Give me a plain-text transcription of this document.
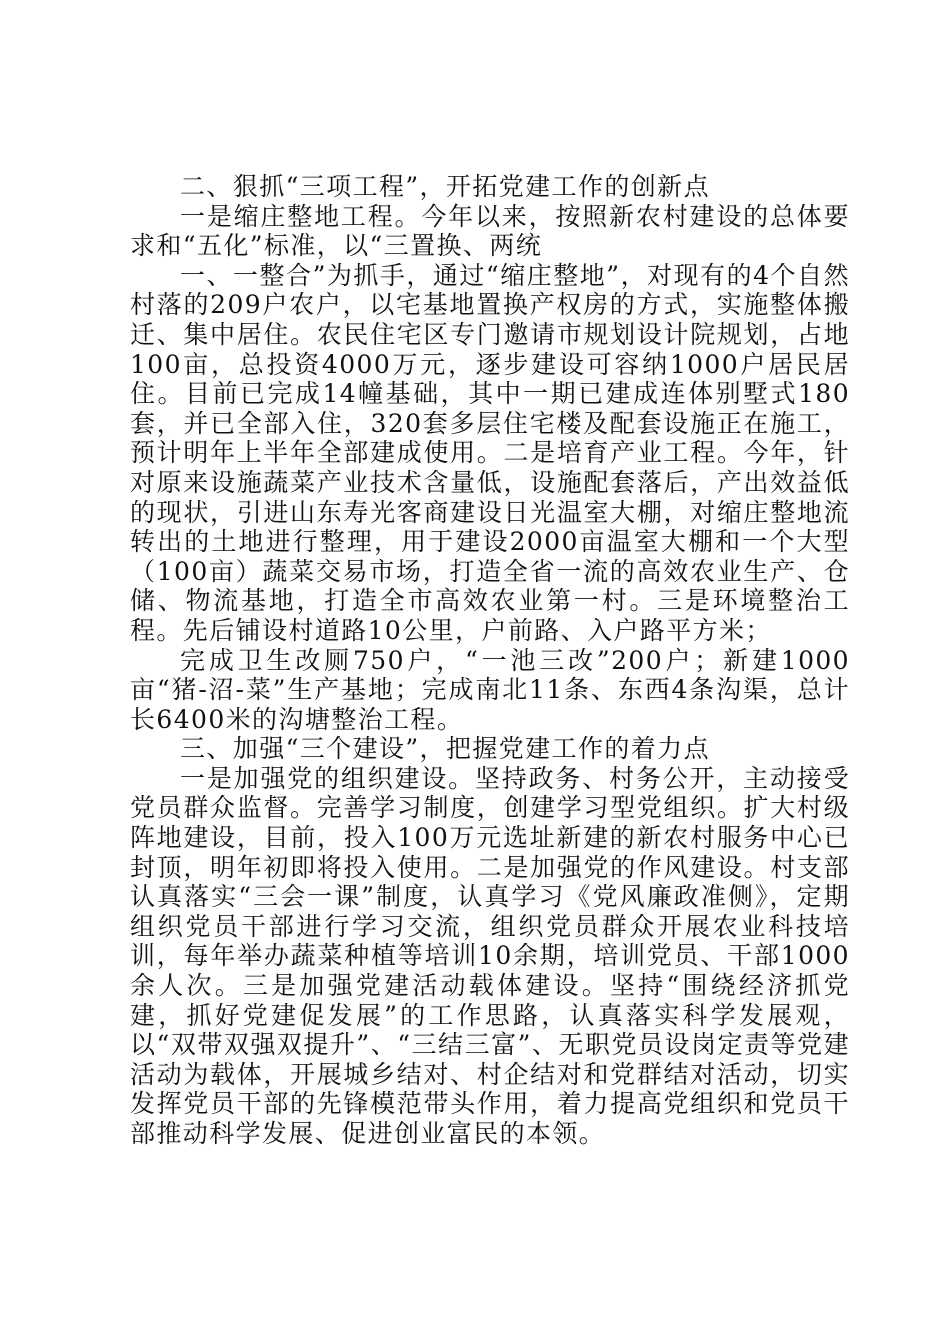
二、狠抓“三项工程”，开拓党建工作的创新点

一是缩庄整地工程。今年以来，按照新农村建设的总体要求和“五化”标准，以“三置换、两统

一、一整合”为抓手，通过“缩庄整地”，对现有的4个自然村落的209户农户，以宅基地置换产权房的方式，实施整体搬迁、集中居住。农民住宅区专门邀请市规划设计院规划，占地100亩，总投资4000万元，逐步建设可容纳1000户居民居住。目前已完成14幢基础，其中一期已建成连体别墅式180套，并已全部入住，320套多层住宅楼及配套设施正在施工，预计明年上半年全部建成使用。二是培育产业工程。今年，针对原来设施蔬菜产业技术含量低，设施配套落后，产出效益低的现状，引进山东寿光客商建设日光温室大棚，对缩庄整地流转出的土地进行整理，用于建设2000亩温室大棚和一个大型（100亩）蔬菜交易市场，打造全省一流的高效农业生产、仓储、物流基地，打造全市高效农业第一村。三是环境整治工程。先后铺设村道路10公里，户前路、入户路平方米；

完成卫生改厕750户，“一池三改”200户；新建1000亩“猪-沼-菜”生产基地；完成南北11条、东西4条沟渠，总计长6400米的沟塘整治工程。

三、加强“三个建设”，把握党建工作的着力点

一是加强党的组织建设。坚持政务、村务公开，主动接受党员群众监督。完善学习制度，创建学习型党组织。扩大村级阵地建设，目前，投入100万元选址新建的新农村服务中心已封顶，明年初即将投入使用。二是加强党的作风建设。村支部认真落实“三会一课”制度，认真学习《党风廉政准侧》，定期组织党员干部进行学习交流，组织党员群众开展农业科技培训，每年举办蔬菜种植等培训10余期，培训党员、干部1000余人次。三是加强党建活动载体建设。坚持“围绕经济抓党建，抓好党建促发展”的工作思路，认真落实科学发展观，以“双带双强双提升”、“三结三富”、无职党员设岗定责等党建活动为载体，开展城乡结对、村企结对和党群结对活动，切实发挥党员干部的先锋模范带头作用，着力提高党组织和党员干部推动科学发展、促进创业富民的本领。
